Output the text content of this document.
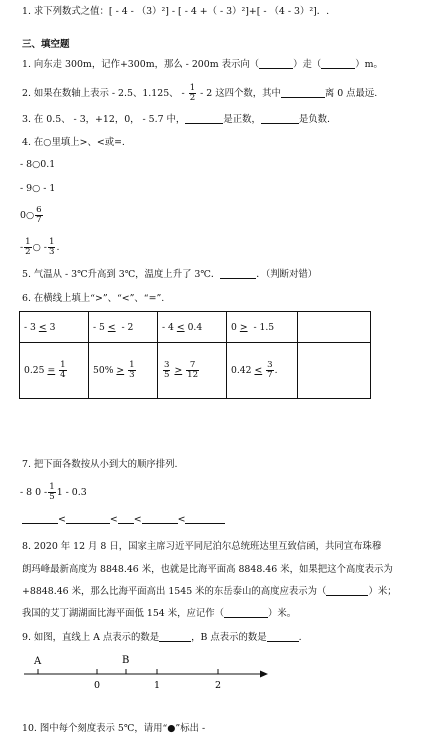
1. 求下列数式之值：[ - 4 - （3）²] - [ - 4 +（ - 3）²]+[ - （4 - 3）²]．.
三、填空题
1. 向东走 300m，记作+300m，那么 - 200m 表示向（	）走（	）m。
2. 如果在数轴上表示 - 2.5、1.125、 - $\frac{1}{2} - 2$ 这四个数，其中	离 0 点最远.
3. 在 0.5、 - 3，+12，0， - 5.7 中，	是正数，	是负数.
4. 在○里填上>、<或=.
- 8○0.1
- 9○ - 1
0○ $\frac{6}{7}$
- $\frac{1}{2}$ ○ - $\frac{1}{3}$ .
5. 气温从 - 3℃升高到 3℃，温度上升了 3℃．	．（判断对错）
6. 在横线上填上“>”、“<”、“=”.
- 3 < 3	- 5 < - 2	- 4 < 0.4	0 > - 1.5	
$0.25 = \frac{1}{4}$	$50\% > \frac{1}{3}$	$\frac{3}{5} > \frac{7}{12}$	$0.42 < \frac{3}{7}$ .	
7. 把下面各数按从小到大的顺序排列.
- 8 $0 - \frac{1}{5} 1 - 0.3$
<	< <	<
8. 2020 年 12 月 8 日，国家主席习近平同尼泊尔总统班达里互致信函，共同宣布珠穆
朗玛峰最新高度为 8848.46 米，也就是比海平面高 8848.46 米，如果把这个高度表示为
+8848.46 米，那么比海平面高出 1545 米的东岳泰山的高度应表示为（	）米；
我国的艾丁湖湖面比海平面低 154 米，应记作（	）米。
9. 如图，直线上 A 点表示的数是	，B 点表示的数是	.
A	B
0	1	2
10. 图中每个刻度表示 5℃，请用“●”标出 -
